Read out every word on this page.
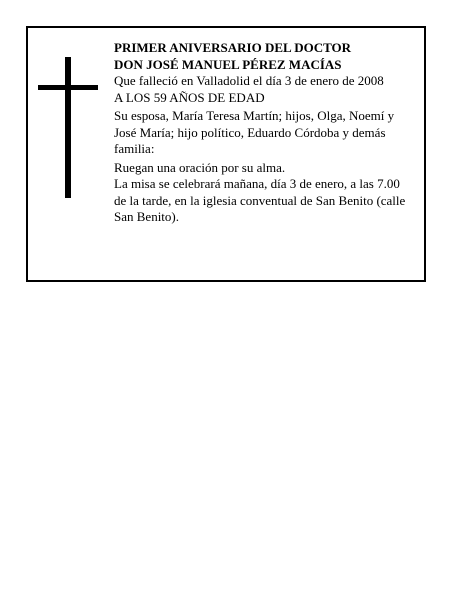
PRIMER ANIVERSARIO DEL DOCTOR

DON JOSÉ MANUEL PÉREZ MACÍAS

Que falleció en Valladolid el día 3 de enero de 2008

A LOS 59 AÑOS DE EDAD

Su esposa, María Teresa Martín; hijos, Olga, Noemí y José María; hijo político, Eduardo Córdoba y demás familia:

Ruegan una oración por su alma.

La misa se celebrará mañana, día 3 de enero, a las 7.00 de la tarde, en la iglesia conventual de San Benito (calle San Benito).
